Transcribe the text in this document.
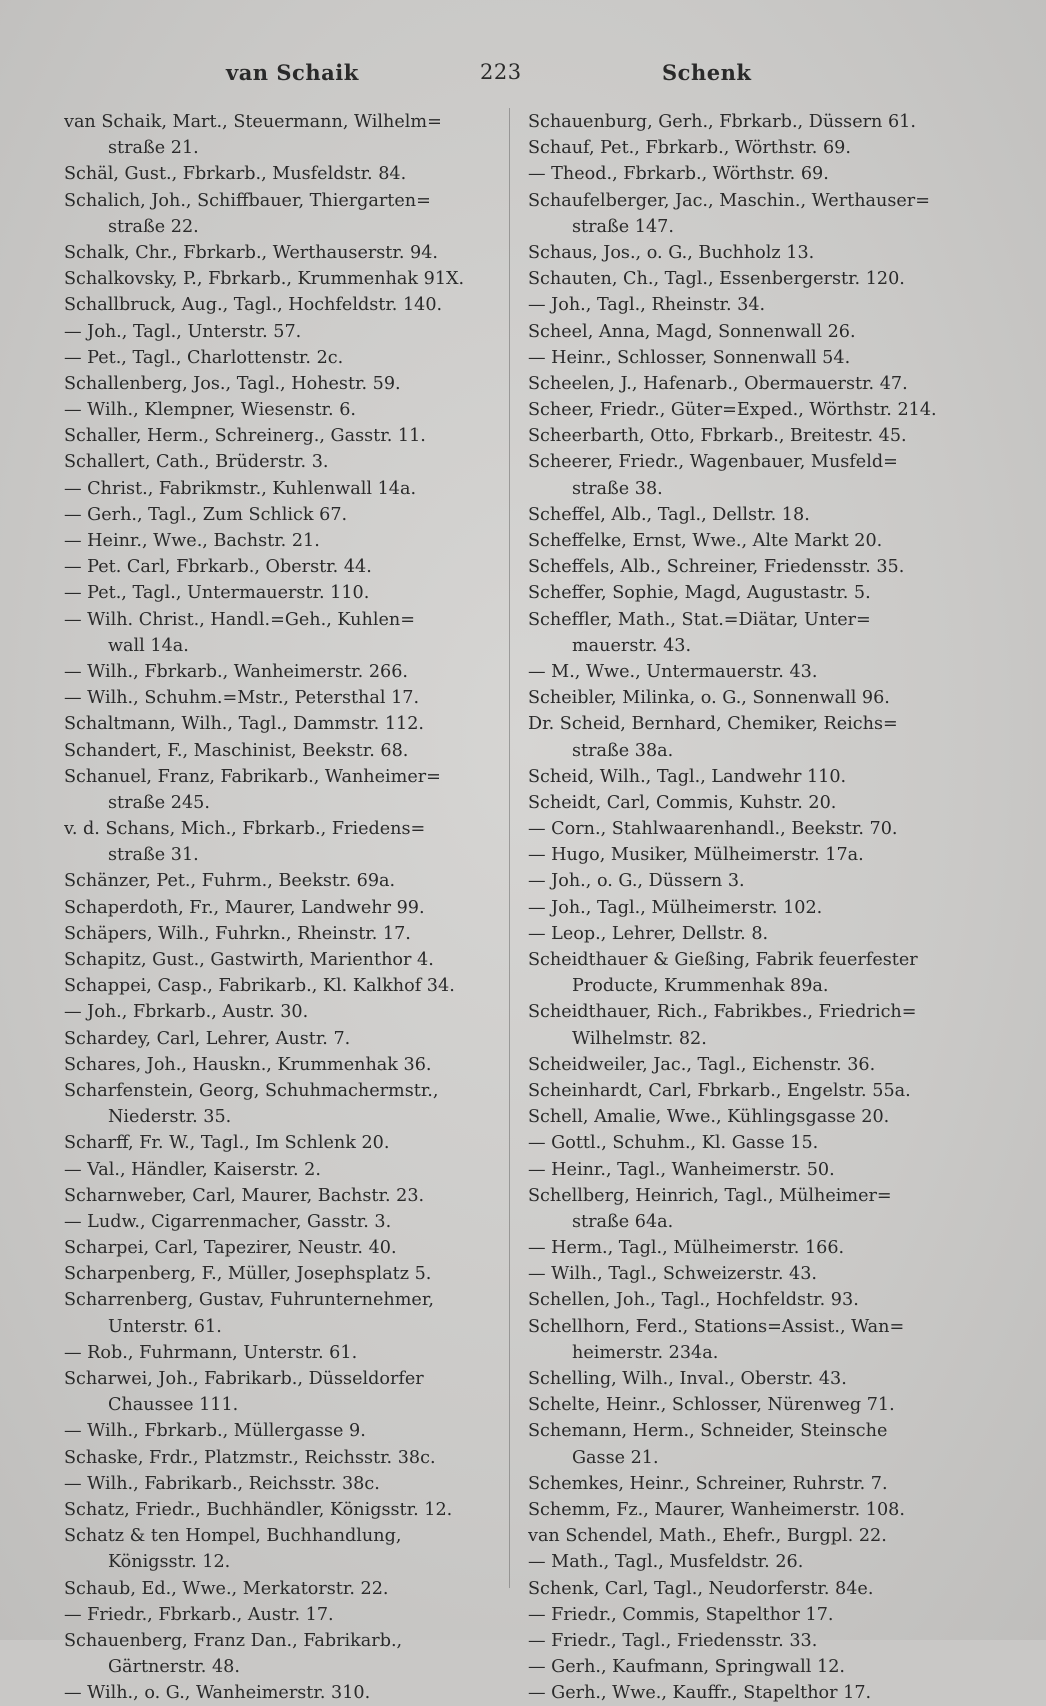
van Schaik	223	Schenk
van Schaik, Mart., Steuermann, Wilhelm=
straße 21.
Schäl, Gust., Fbrkarb., Musfeldstr. 84.
Schalich, Joh., Schiffbauer, Thiergarten=
straße 22.
Schalk, Chr., Fbrkarb., Werthauserstr. 94.
Schalkovsky, P., Fbrkarb., Krummenhak 91X.
Schallbruck, Aug., Tagl., Hochfeldstr. 140.
— Joh., Tagl., Unterstr. 57.
— Pet., Tagl., Charlottenstr. 2c.
Schallenberg, Jos., Tagl., Hohestr. 59.
— Wilh., Klempner, Wiesenstr. 6.
Schaller, Herm., Schreinerg., Gasstr. 11.
Schallert, Cath., Brüderstr. 3.
— Christ., Fabrikmstr., Kuhlenwall 14a.
— Gerh., Tagl., Zum Schlick 67.
— Heinr., Wwe., Bachstr. 21.
— Pet. Carl, Fbrkarb., Oberstr. 44.
— Pet., Tagl., Untermauerstr. 110.
— Wilh. Christ., Handl.=Geh., Kuhlen=
wall 14a.
— Wilh., Fbrkarb., Wanheimerstr. 266.
— Wilh., Schuhm.=Mstr., Petersthal 17.
Schaltmann, Wilh., Tagl., Dammstr. 112.
Schandert, F., Maschinist, Beekstr. 68.
Schanuel, Franz, Fabrikarb., Wanheimer=
straße 245.
v. d. Schans, Mich., Fbrkarb., Friedens=
straße 31.
Schänzer, Pet., Fuhrm., Beekstr. 69a.
Schaperdoth, Fr., Maurer, Landwehr 99.
Schäpers, Wilh., Fuhrkn., Rheinstr. 17.
Schapitz, Gust., Gastwirth, Marienthor 4.
Schappei, Casp., Fabrikarb., Kl. Kalkhof 34.
— Joh., Fbrkarb., Austr. 30.
Schardey, Carl, Lehrer, Austr. 7.
Schares, Joh., Hauskn., Krummenhak 36.
Scharfenstein, Georg, Schuhmachermstr.,
Niederstr. 35.
Scharff, Fr. W., Tagl., Im Schlenk 20.
— Val., Händler, Kaiserstr. 2.
Scharnweber, Carl, Maurer, Bachstr. 23.
— Ludw., Cigarrenmacher, Gasstr. 3.
Scharpei, Carl, Tapezirer, Neustr. 40.
Scharpenberg, F., Müller, Josephsplatz 5.
Scharrenberg, Gustav, Fuhrunternehmer,
Unterstr. 61.
— Rob., Fuhrmann, Unterstr. 61.
Scharwei, Joh., Fabrikarb., Düsseldorfer
Chaussee 111.
— Wilh., Fbrkarb., Müllergasse 9.
Schaske, Frdr., Platzmstr., Reichsstr. 38c.
— Wilh., Fabrikarb., Reichsstr. 38c.
Schatz, Friedr., Buchhändler, Königsstr. 12.
Schatz & ten Hompel, Buchhandlung,
Königsstr. 12.
Schaub, Ed., Wwe., Merkatorstr. 22.
— Friedr., Fbrkarb., Austr. 17.
Schauenberg, Franz Dan., Fabrikarb.,
Gärtnerstr. 48.
— Wilh., o. G., Wanheimerstr. 310.
Schauenburg, Gerh., Fbrkarb., Düssern 61.
Schauf, Pet., Fbrkarb., Wörthstr. 69.
— Theod., Fbrkarb., Wörthstr. 69.
Schaufelberger, Jac., Maschin., Werthauser=
straße 147.
Schaus, Jos., o. G., Buchholz 13.
Schauten, Ch., Tagl., Essenbergerstr. 120.
— Joh., Tagl., Rheinstr. 34.
Scheel, Anna, Magd, Sonnenwall 26.
— Heinr., Schlosser, Sonnenwall 54.
Scheelen, J., Hafenarb., Obermauerstr. 47.
Scheer, Friedr., Güter=Exped., Wörthstr. 214.
Scheerbarth, Otto, Fbrkarb., Breitestr. 45.
Scheerer, Friedr., Wagenbauer, Musfeld=
straße 38.
Scheffel, Alb., Tagl., Dellstr. 18.
Scheffelke, Ernst, Wwe., Alte Markt 20.
Scheffels, Alb., Schreiner, Friedensstr. 35.
Scheffer, Sophie, Magd, Augustastr. 5.
Scheffler, Math., Stat.=Diätar, Unter=
mauerstr. 43.
— M., Wwe., Untermauerstr. 43.
Scheibler, Milinka, o. G., Sonnenwall 96.
Dr. Scheid, Bernhard, Chemiker, Reichs=
straße 38a.
Scheid, Wilh., Tagl., Landwehr 110.
Scheidt, Carl, Commis, Kuhstr. 20.
— Corn., Stahlwaarenhandl., Beekstr. 70.
— Hugo, Musiker, Mülheimerstr. 17a.
— Joh., o. G., Düssern 3.
— Joh., Tagl., Mülheimerstr. 102.
— Leop., Lehrer, Dellstr. 8.
Scheidthauer & Gießing, Fabrik feuerfester
Producte, Krummenhak 89a.
Scheidthauer, Rich., Fabrikbes., Friedrich=
Wilhelmstr. 82.
Scheidweiler, Jac., Tagl., Eichenstr. 36.
Scheinhardt, Carl, Fbrkarb., Engelstr. 55a.
Schell, Amalie, Wwe., Kühlingsgasse 20.
— Gottl., Schuhm., Kl. Gasse 15.
— Heinr., Tagl., Wanheimerstr. 50.
Schellberg, Heinrich, Tagl., Mülheimer=
straße 64a.
— Herm., Tagl., Mülheimerstr. 166.
— Wilh., Tagl., Schweizerstr. 43.
Schellen, Joh., Tagl., Hochfeldstr. 93.
Schellhorn, Ferd., Stations=Assist., Wan=
heimerstr. 234a.
Schelling, Wilh., Inval., Oberstr. 43.
Schelte, Heinr., Schlosser, Nürenweg 71.
Schemann, Herm., Schneider, Steinsche
Gasse 21.
Schemkes, Heinr., Schreiner, Ruhrstr. 7.
Schemm, Fz., Maurer, Wanheimerstr. 108.
van Schendel, Math., Ehefr., Burgpl. 22.
— Math., Tagl., Musfeldstr. 26.
Schenk, Carl, Tagl., Neudorferstr. 84e.
— Friedr., Commis, Stapelthor 17.
— Friedr., Tagl., Friedensstr. 33.
— Gerh., Kaufmann, Springwall 12.
— Gerh., Wwe., Kauffr., Stapelthor 17.
